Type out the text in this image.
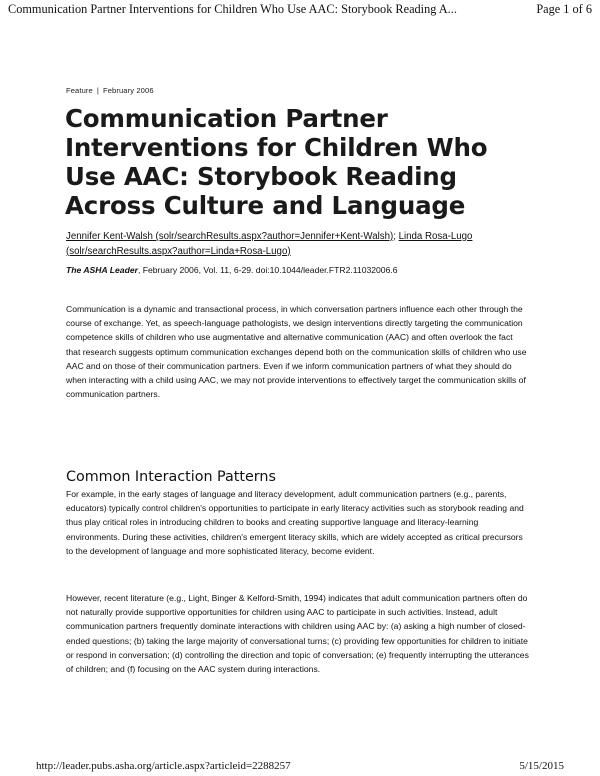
Communication Partner Interventions for Children Who Use AAC: Storybook Reading A...	Page 1 of 6
Feature | February 2006
Communication Partner Interventions for Children Who Use AAC: Storybook Reading Across Culture and Language
Jennifer Kent-Walsh (solr/searchResults.aspx?author=Jennifer+Kent-Walsh); Linda Rosa-Lugo (solr/searchResults.aspx?author=Linda+Rosa-Lugo)
The ASHA Leader, February 2006, Vol. 11, 6-29. doi:10.1044/leader.FTR2.11032006.6

Communication is a dynamic and transactional process, in which conversation partners influence each other through the course of exchange. Yet, as speech-language pathologists, we design interventions directly targeting the communication competence skills of children who use augmentative and alternative communication (AAC) and often overlook the fact that research suggests optimum communication exchanges depend both on the communication skills of children who use AAC and on those of their communication partners. Even if we inform communication partners of what they should do when interacting with a child using AAC, we may not provide interventions to effectively target the communication skills of communication partners.

Common Interaction Patterns

For example, in the early stages of language and literacy development, adult communication partners (e.g., parents, educators) typically control children's opportunities to participate in early literacy activities such as storybook reading and thus play critical roles in introducing children to books and creating supportive language and literacy-learning environments. During these activities, children's emergent literacy skills, which are widely accepted as critical precursors to the development of language and more sophisticated literacy, become evident.

However, recent literature (e.g., Light, Binger & Kelford-Smith, 1994) indicates that adult communication partners often do not naturally provide supportive opportunities for children using AAC to participate in such activities. Instead, adult communication partners frequently dominate interactions with children using AAC by: (a) asking a high number of closed-ended questions; (b) taking the large majority of conversational turns; (c) providing few opportunities for children to initiate or respond in conversation; (d) controlling the direction and topic of conversation; (e) frequently interrupting the utterances of children; and (f) focusing on the AAC system during interactions.

http://leader.pubs.asha.org/article.aspx?articleid=2288257	5/15/2015
